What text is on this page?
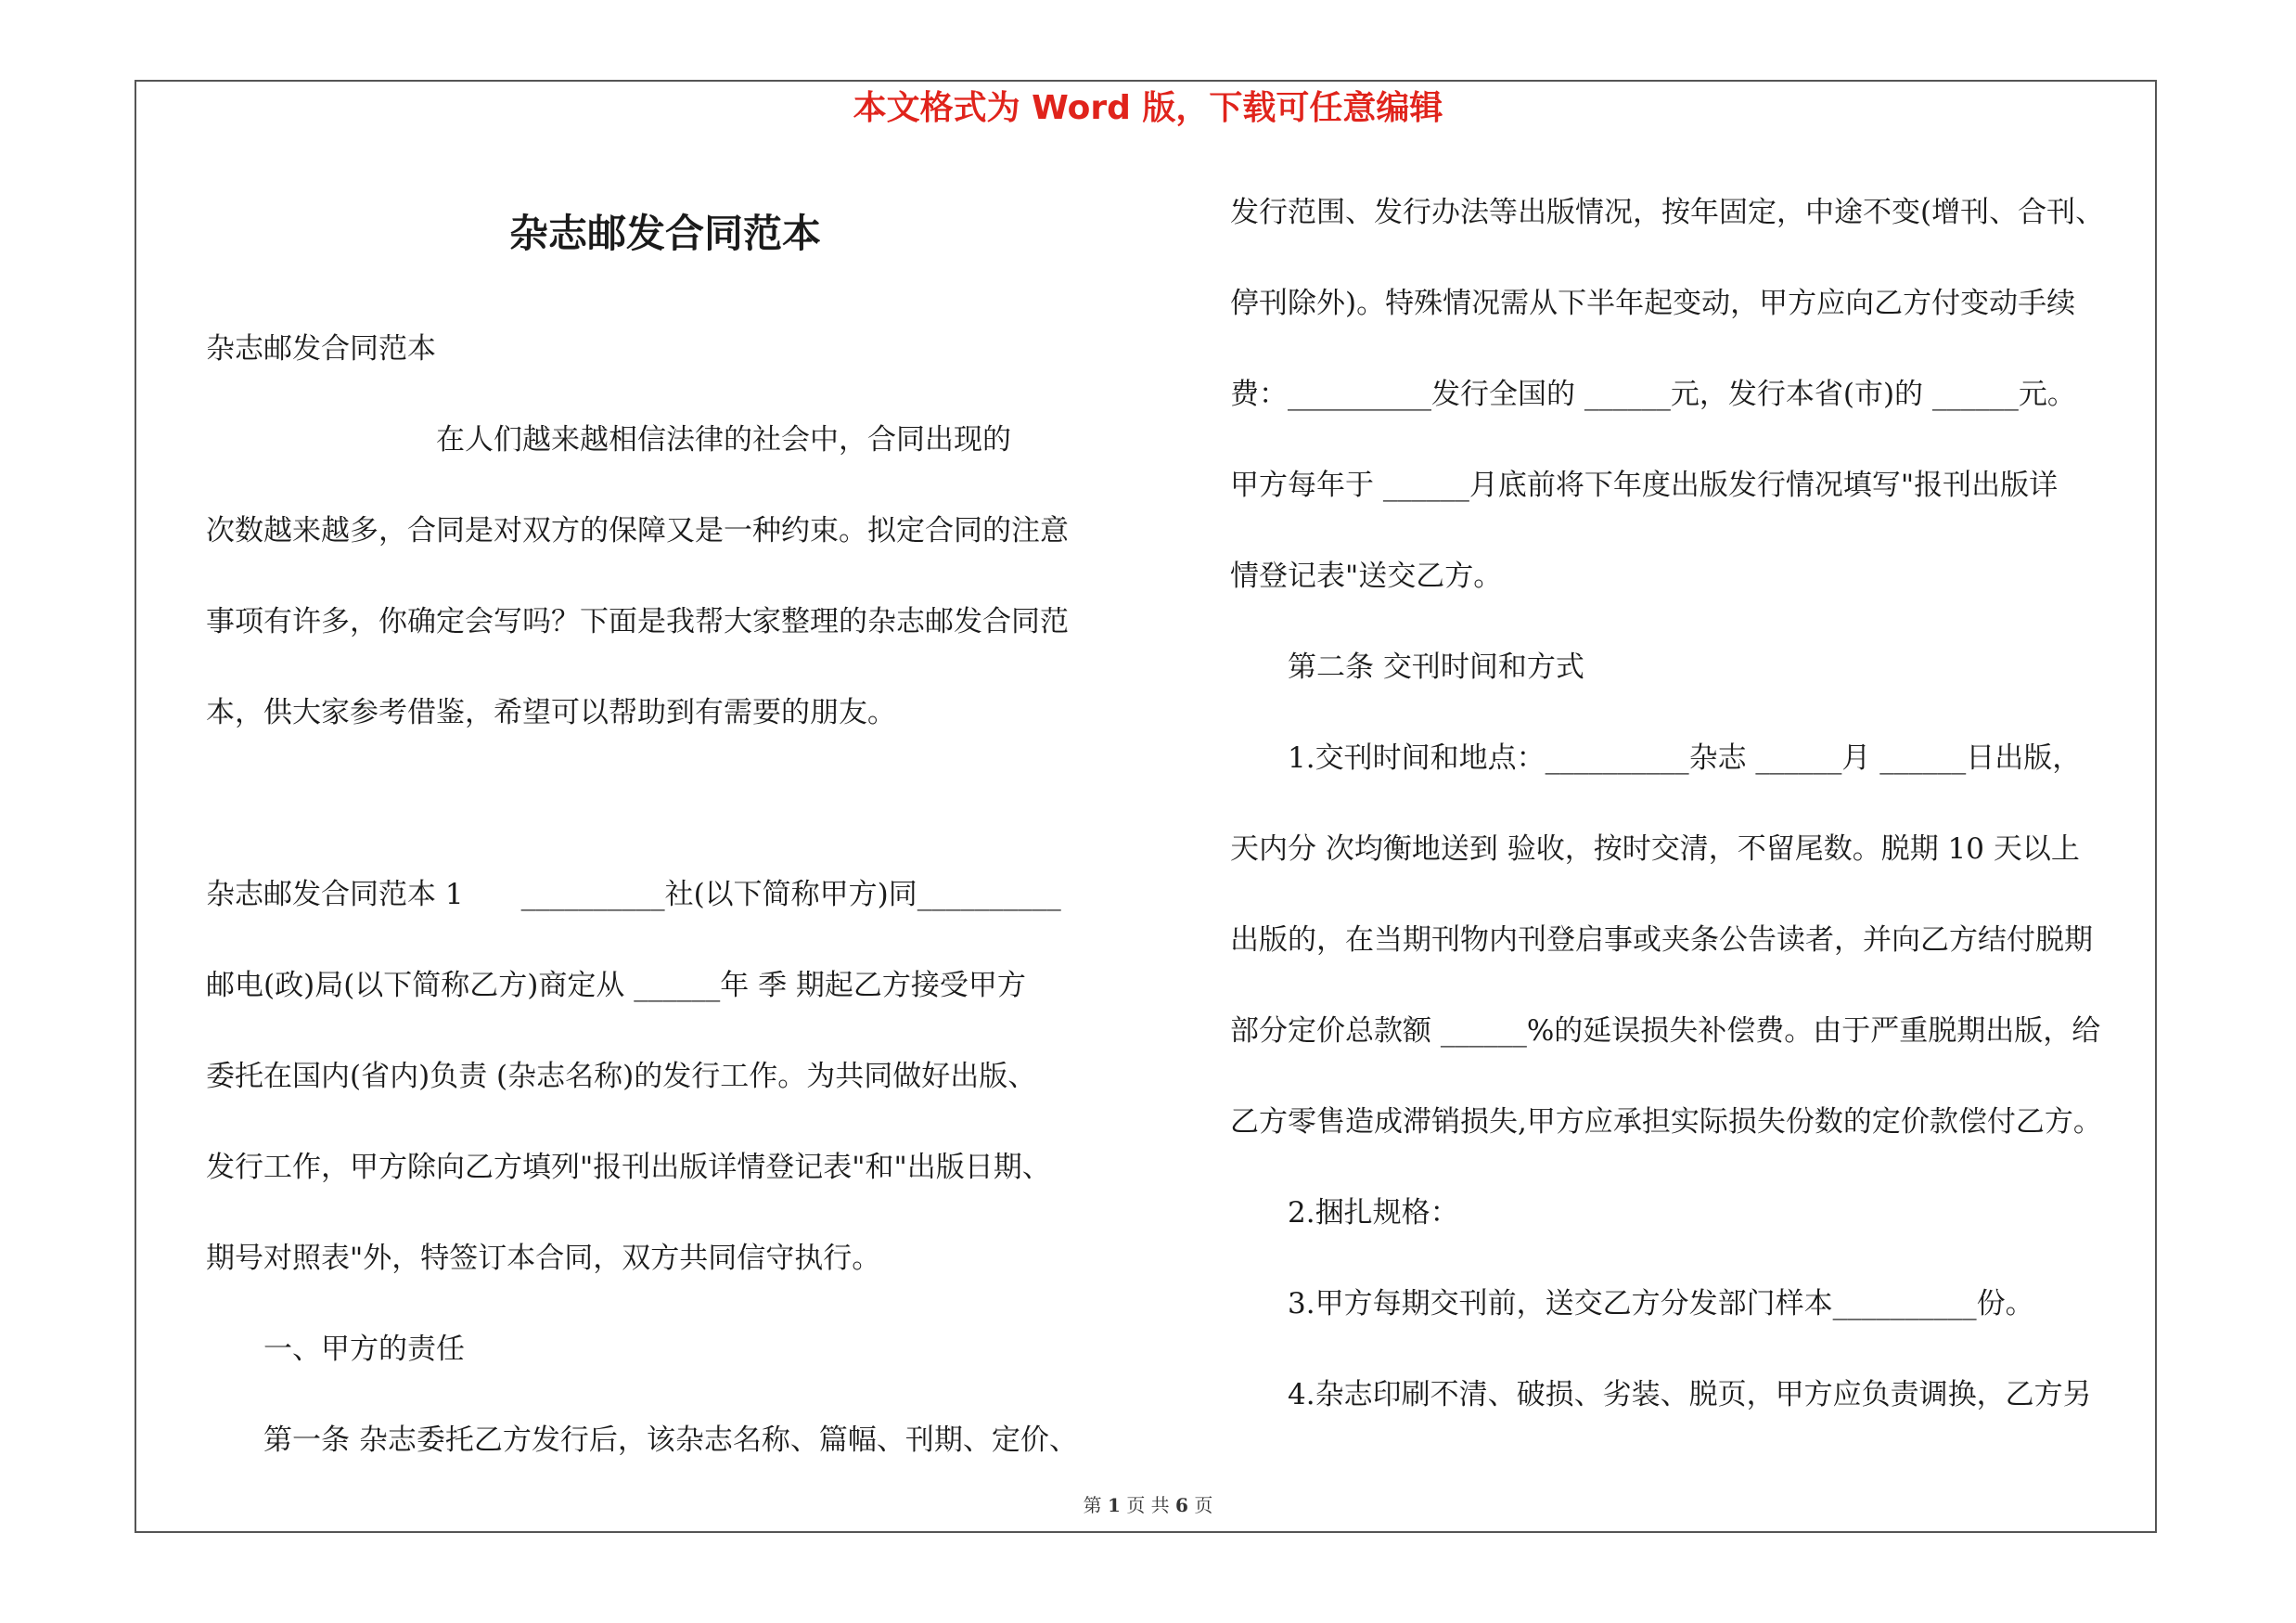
本文格式为 Word 版，下载可任意编辑
杂志邮发合同范本
杂志邮发合同范本
　　　　　　　　在人们越来越相信法律的社会中，合同出现的
次数越来越多，合同是对双方的保障又是一种约束。拟定合同的注意
事项有许多，你确定会写吗？下面是我帮大家整理的杂志邮发合同范
本，供大家参考借鉴，希望可以帮助到有需要的朋友。
杂志邮发合同范本 1　　__________社(以下简称甲方)同__________
邮电(政)局(以下简称乙方)商定从 ______年 季 期起乙方接受甲方
委托在国内(省内)负责 (杂志名称)的发行工作。为共同做好出版、
发行工作，甲方除向乙方填列"报刊出版详情登记表"和"出版日期、
期号对照表"外，特签订本合同，双方共同信守执行。
　　一、甲方的责任
　　第一条 杂志委托乙方发行后，该杂志名称、篇幅、刊期、定价、
发行范围、发行办法等出版情况，按年固定，中途不变(增刊、合刊、
停刊除外)。特殊情况需从下半年起变动，甲方应向乙方付变动手续
费：__________发行全国的 ______元，发行本省(市)的 ______元。
甲方每年于 ______月底前将下年度出版发行情况填写"报刊出版详
情登记表"送交乙方。
　　第二条 交刊时间和方式
　　1.交刊时间和地点：__________杂志 ______月 ______日出版，
天内分 次均衡地送到 验收，按时交清，不留尾数。脱期 10 天以上
出版的，在当期刊物内刊登启事或夹条公告读者，并向乙方结付脱期
部分定价总款额 ______%的延误损失补偿费。由于严重脱期出版，给
乙方零售造成滞销损失,甲方应承担实际损失份数的定价款偿付乙方。
　　2.捆扎规格：
　　3.甲方每期交刊前，送交乙方分发部门样本__________份。
　　4.杂志印刷不清、破损、劣装、脱页，甲方应负责调换，乙方另
第 1 页 共 6 页
